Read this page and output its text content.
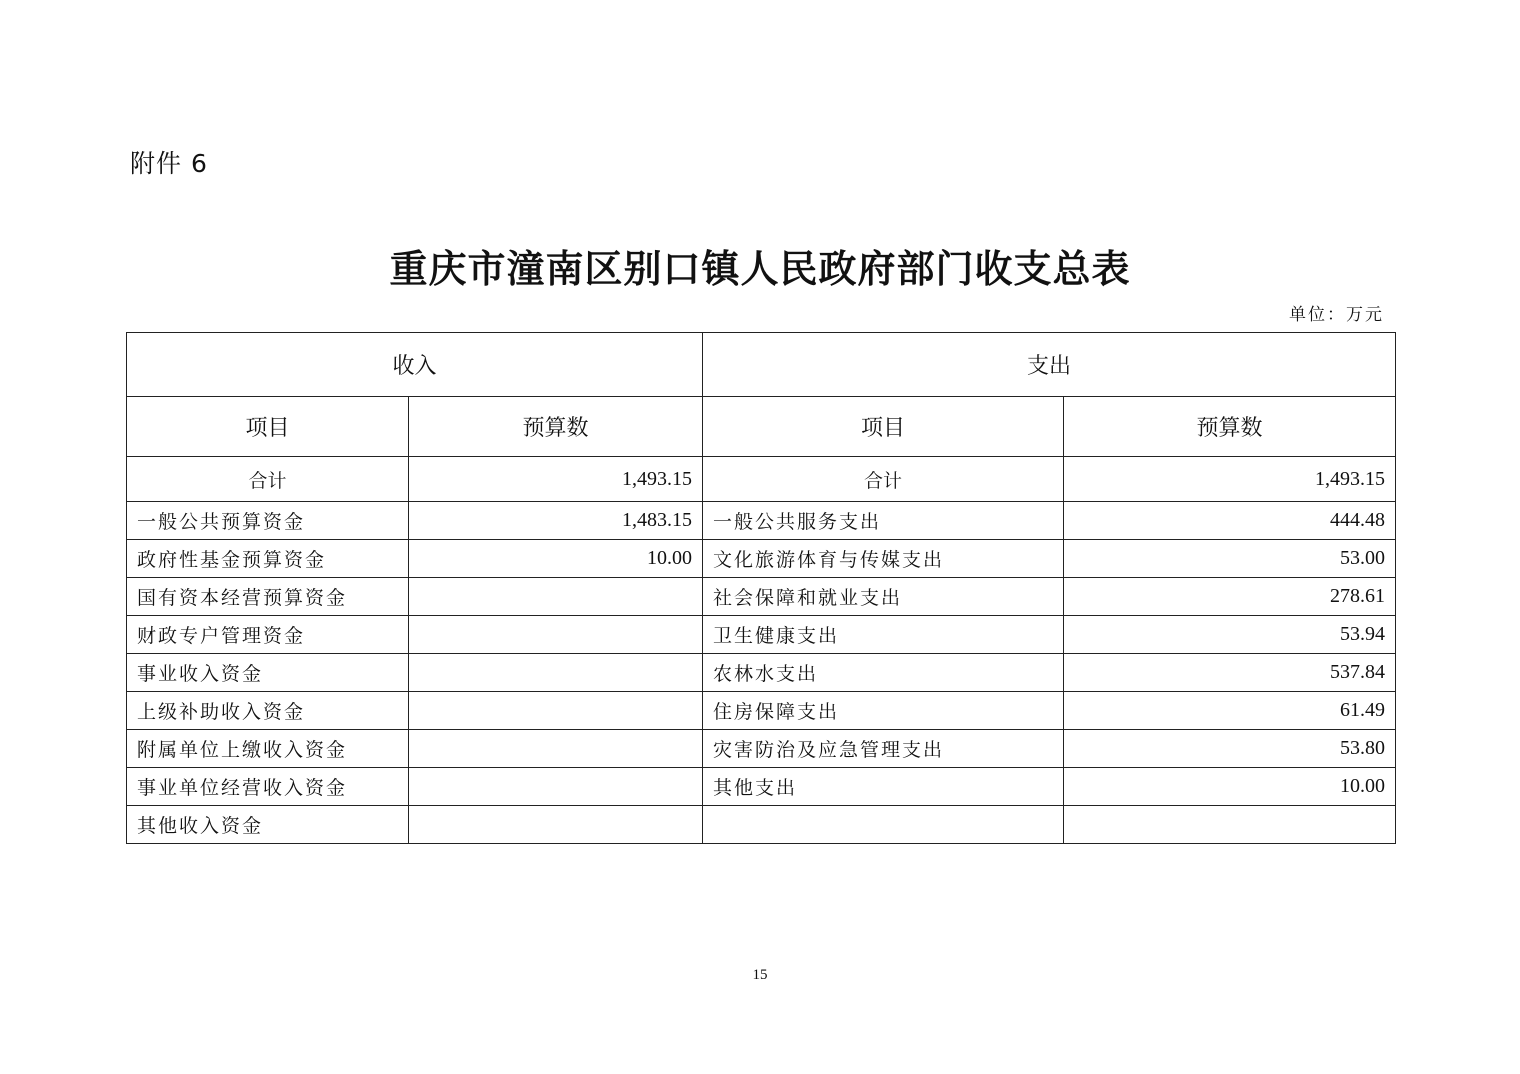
附件 6
重庆市潼南区别口镇人民政府部门收支总表
单位：万元
收入		支出	
项目	预算数	项目	预算数
合计	1,493.15	合计	1,493.15
一般公共预算资金	1,483.15	一般公共服务支出	444.48
政府性基金预算资金	10.00	文化旅游体育与传媒支出	53.00
国有资本经营预算资金		社会保障和就业支出	278.61
财政专户管理资金		卫生健康支出	53.94
事业收入资金		农林水支出	537.84
上级补助收入资金		住房保障支出	61.49
附属单位上缴收入资金		灾害防治及应急管理支出	53.80
事业单位经营收入资金		其他支出	10.00
其他收入资金			
15
